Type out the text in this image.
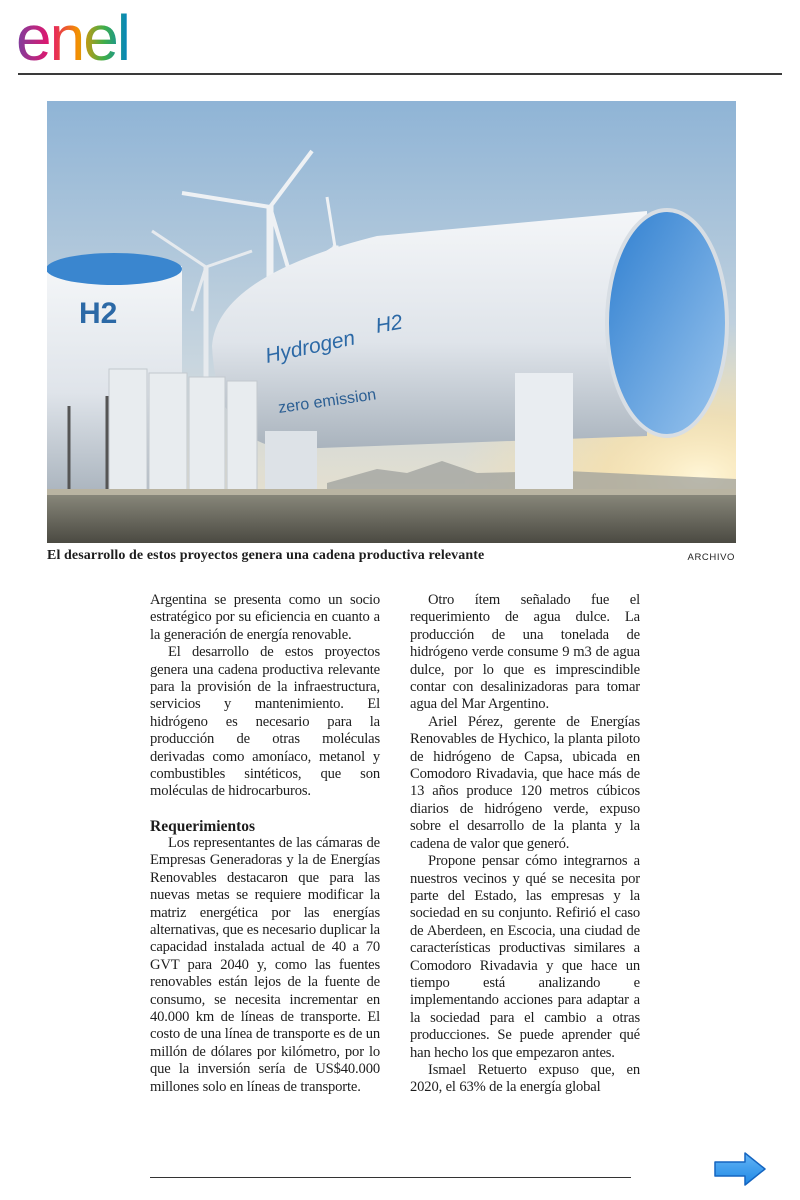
enel
H2
Hydrogen
H2
zero emission
El desarrollo de estos proyectos genera una cadena productiva relevante	ARCHIVO

Argentina se presenta como un socio estratégico por su eficiencia en cuanto a la generación de energía renovable.

El desarrollo de estos proyectos genera una cadena productiva relevante para la provisión de la infraestructura, servicios y mantenimiento. El hidrógeno es necesario para la producción de otras moléculas derivadas como amoníaco, metanol y combustibles sintéticos, que son moléculas de hidrocarburos.

Requerimientos

Los representantes de las cámaras de Empresas Generadoras y la de Energías Renovables destacaron que para las nuevas metas se requiere modificar la matriz energética por las energías alternativas, que es necesario duplicar la capacidad instalada actual de 40 a 70 GVT para 2040 y, como las fuentes renovables están lejos de la fuente de consumo, se necesita incrementar en 40.000 km de líneas de transporte. El costo de una línea de transporte es de un millón de dólares por kilómetro, por lo que la inversión sería de US$40.000 millones solo en líneas de transporte.

Otro ítem señalado fue el requerimiento de agua dulce. La producción de una tonelada de hidrógeno verde consume 9 m3 de agua dulce, por lo que es imprescindible contar con desalinizadoras para tomar agua del Mar Argentino.

Ariel Pérez, gerente de Energías Renovables de Hychico, la planta piloto de hidrógeno de Capsa, ubicada en Comodoro Rivadavia, que hace más de 13 años produce 120 metros cúbicos diarios de hidrógeno verde, expuso sobre el desarrollo de la planta y la cadena de valor que generó.

Propone pensar cómo integrarnos a nuestros vecinos y qué se necesita por parte del Estado, las empresas y la sociedad en su conjunto. Refirió el caso de Aberdeen, en Escocia, una ciudad de características productivas similares a Comodoro Rivadavia y que hace un tiempo está analizando e implementando acciones para adaptar a la sociedad para el cambio a otras producciones. Se puede aprender qué han hecho los que empezaron antes.

Ismael Retuerto expuso que, en 2020, el 63% de la energía global
